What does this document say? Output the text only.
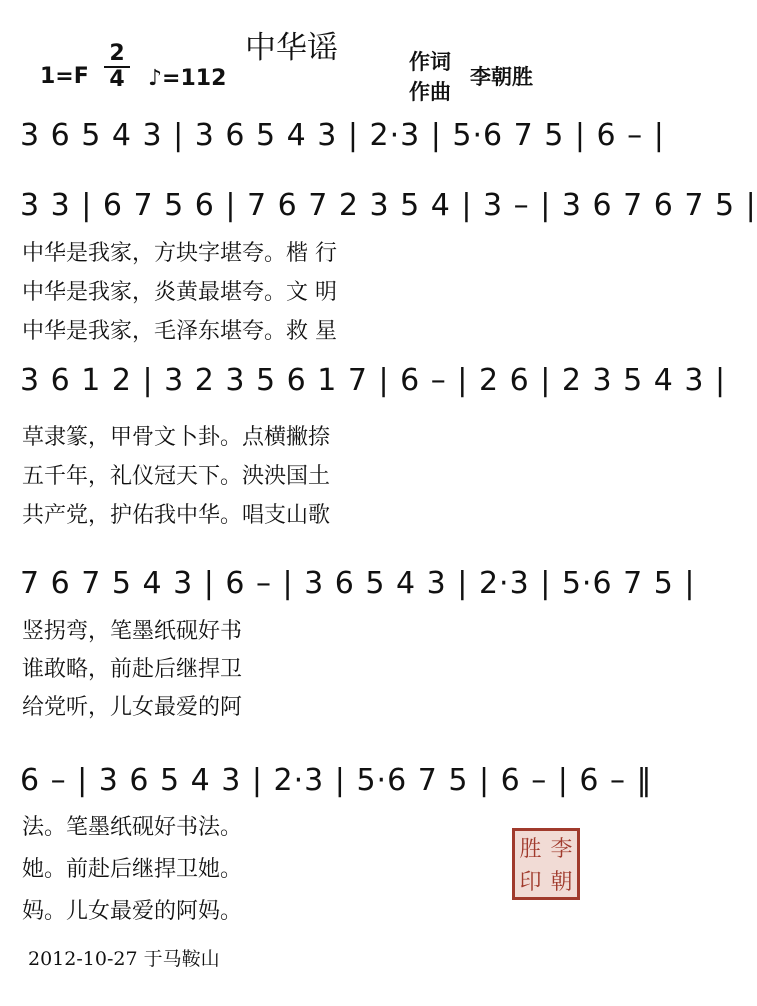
中华谣
1=F
2
4 ♪=112
作词
作曲
李朝胜
3 6 5 4 3 | 3 6 5 4 3 | 2·3 | 5·6 7 5 | 6 – |
3 3 | 6 7 5 6 | 7 6 7 2 3 5 4 | 3 – | 3 6 7 6 7 5 |
中华是我家，方块字堪夸。楷 行
中华是我家，炎黄最堪夸。文 明
中华是我家，毛泽东堪夸。救 星
3 6 1 2 | 3 2 3 5 6 1 7 | 6 – | 2 6 | 2 3 5 4 3 |
草隶篆，甲骨文卜卦。点横撇捺
五千年，礼仪冠天下。泱泱国土
共产党，护佑我中华。唱支山歌
7 6 7 5 4 3 | 6 – | 3 6 5 4 3 | 2·3 | 5·6 7 5 |
竖拐弯，笔墨纸砚好书
谁敢略，前赴后继捍卫
给党听，儿女最爱的阿
6 – | 3 6 5 4 3 | 2·3 | 5·6 7 5 | 6 – | 6 – ‖
法。笔墨纸砚好书法。
她。前赴后继捍卫她。
妈。儿女最爱的阿妈。
胜 李
印 朝
2012-10-27 于马鞍山
